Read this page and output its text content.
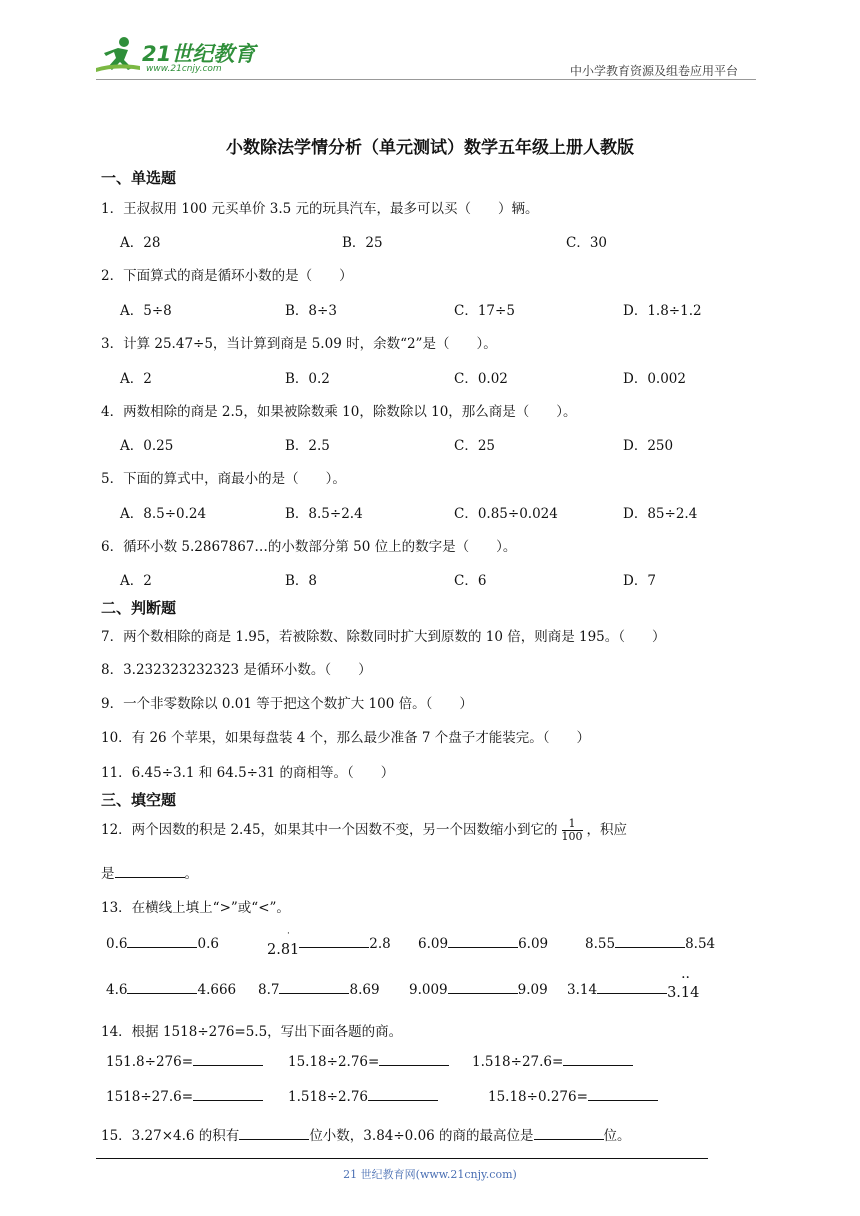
21世纪教育
www.21cnjy.com	中小学教育资源及组卷应用平台
小数除法学情分析（单元测试）数学五年级上册人教版
一、单选题
1．王叔叔用 100 元买单价 3.5 元的玩具汽车，最多可以买（　　）辆。
A．28	B．25	C．30
2．下面算式的商是循环小数的是（　　）
A．5÷8	B．8÷3	C．17÷5	D．1.8÷1.2
3．计算 25.47÷5，当计算到商是 5.09 时，余数“2”是（　　）。
A．2	B．0.2	C．0.02	D．0.002
4．两数相除的商是 2.5，如果被除数乘 10，除数除以 10，那么商是（　　）。
A．0.25	B．2.5	C．25	D．250
5．下面的算式中，商最小的是（　　）。
A．8.5÷0.24	B．8.5÷2.4	C．0.85÷0.024	D．85÷2.4
6．循环小数 5.2867867…的小数部分第 50 位上的数字是（　　）。
A．2	B．8	C．6	D．7
二、判断题
7．两个数相除的商是 1.95，若被除数、除数同时扩大到原数的 10 倍，则商是 195。（　　）
8．3.232323232323 是循环小数。（　　）
9．一个非零数除以 0.01 等于把这个数扩大 100 倍。（　　）
10．有 26 个苹果，如果每盘装 4 个，那么最少准备 7 个盘子才能装完。（　　）
11．6.45÷3.1 和 64.5÷31 的商相等。（　　）
三、填空题
12．两个因数的积是 2.45，如果其中一个因数不变，另一个因数缩小到它的 $\frac{1}{100}$ ，积应
是	。
13．在横线上填上“>”或“<”。
0.6	0.6
·
2.81	2.8 6.09	6.09	8.55	8.54
4.6	4.666 8.7	8.69 9.009	9.09 3.14
··
3.14
14．根据 1518÷276=5.5，写出下面各题的商。
151.8÷276=	15.18÷2.76=	1.518÷27.6=
1518÷27.6=	1.518÷2.76	15.18÷0.276=
15．3.27×4.6 的积有	位小数，3.84÷0.06 的商的最高位是	位。
21 世纪教育网(www.21cnjy.com)
